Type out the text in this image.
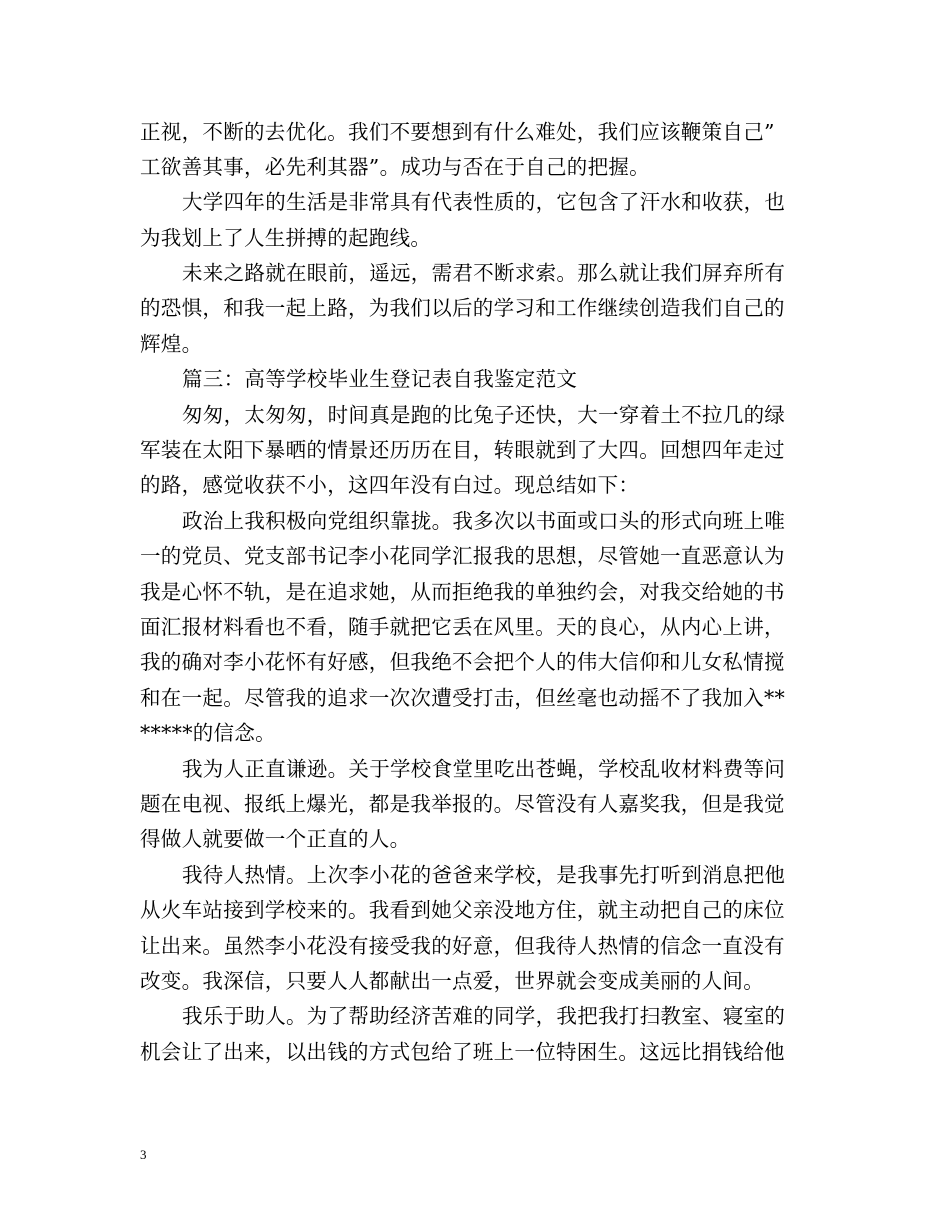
正视，不断的去优化。我们不要想到有什么难处，我们应该鞭策自己”
工欲善其事，必先利其器”。成功与否在于自己的把握。
大学四年的生活是非常具有代表性质的，它包含了汗水和收获，也
为我划上了人生拼搏的起跑线。
未来之路就在眼前，遥远，需君不断求索。那么就让我们屏弃所有
的恐惧，和我一起上路，为我们以后的学习和工作继续创造我们自己的
辉煌。
篇三：高等学校毕业生登记表自我鉴定范文
匆匆，太匆匆，时间真是跑的比兔子还快，大一穿着土不拉几的绿
军装在太阳下暴晒的情景还历历在目，转眼就到了大四。回想四年走过
的路，感觉收获不小，这四年没有白过。现总结如下：
政治上我积极向党组织靠拢。我多次以书面或口头的形式向班上唯
一的党员、党支部书记李小花同学汇报我的思想，尽管她一直恶意认为
我是心怀不轨，是在追求她，从而拒绝我的单独约会，对我交给她的书
面汇报材料看也不看，随手就把它丢在风里。天的良心，从内心上讲，
我的确对李小花怀有好感，但我绝不会把个人的伟大信仰和儿女私情搅
和在一起。尽管我的追求一次次遭受打击，但丝毫也动摇不了我加入**
*****的信念。
我为人正直谦逊。关于学校食堂里吃出苍蝇，学校乱收材料费等问
题在电视、报纸上爆光，都是我举报的。尽管没有人嘉奖我，但是我觉
得做人就要做一个正直的人。
我待人热情。上次李小花的爸爸来学校，是我事先打听到消息把他
从火车站接到学校来的。我看到她父亲没地方住，就主动把自己的床位
让出来。虽然李小花没有接受我的好意，但我待人热情的信念一直没有
改变。我深信，只要人人都献出一点爱，世界就会变成美丽的人间。
我乐于助人。为了帮助经济苦难的同学，我把我打扫教室、寝室的
机会让了出来，以出钱的方式包给了班上一位特困生。这远比捐钱给他
3
